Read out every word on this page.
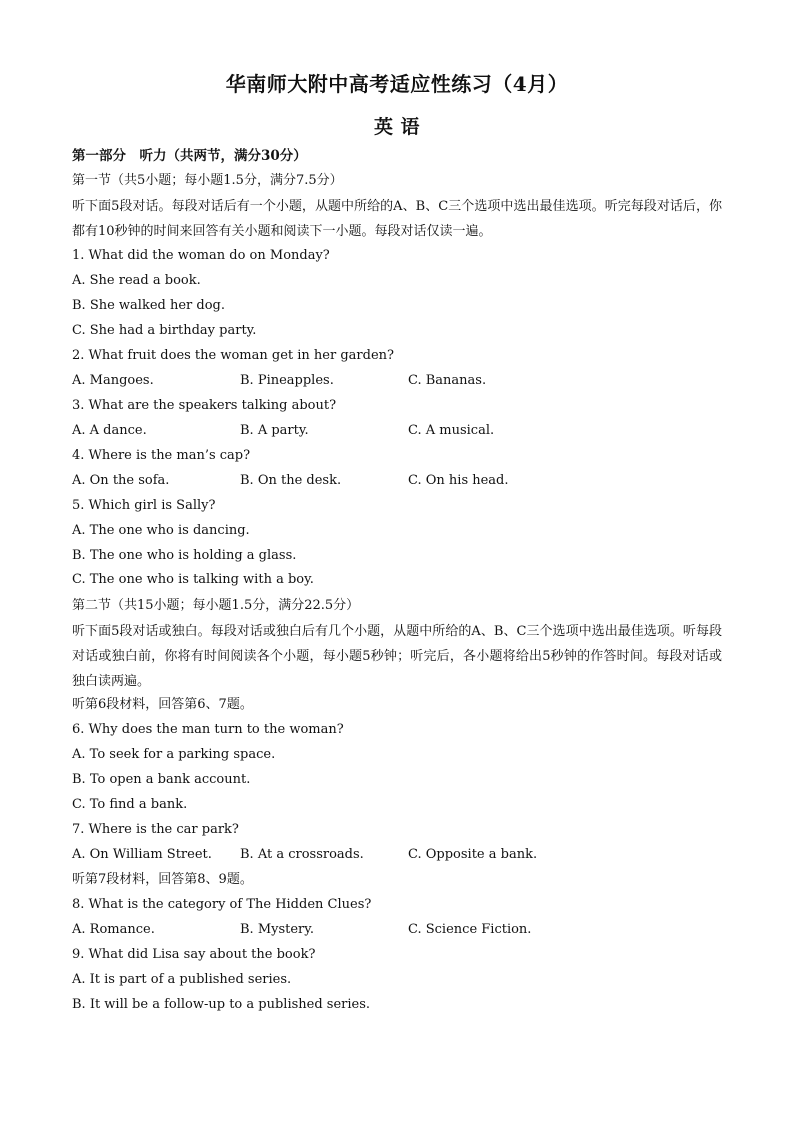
华南师大附中高考适应性练习（4月）
英 语
第一部分　听力（共两节，满分30分）
第一节（共5小题；每小题1.5分，满分7.5分）
听下面5段对话。每段对话后有一个小题，从题中所给的A、B、C三个选项中选出最佳选项。听完每段对话后，你都有10秒钟的时间来回答有关小题和阅读下一小题。每段对话仅读一遍。
1. What did the woman do on Monday?
A. She read a book.
B. She walked her dog.
C. She had a birthday party.
2. What fruit does the woman get in her garden?
A. Mangoes.	B. Pineapples.	C. Bananas.
3. What are the speakers talking about?
A. A dance.	B. A party.	C. A musical.
4. Where is the man’s cap?
A. On the sofa.	B. On the desk.	C. On his head.
5. Which girl is Sally?
A. The one who is dancing.
B. The one who is holding a glass.
C. The one who is talking with a boy.
第二节（共15小题；每小题1.5分，满分22.5分）
听下面5段对话或独白。每段对话或独白后有几个小题，从题中所给的A、B、C三个选项中选出最佳选项。听每段对话或独白前，你将有时间阅读各个小题，每小题5秒钟；听完后，各小题将给出5秒钟的作答时间。每段对话或独白读两遍。
听第6段材料，回答第6、7题。
6. Why does the man turn to the woman?
A. To seek for a parking space.
B. To open a bank account.
C. To find a bank.
7. Where is the car park?
A. On William Street. B. At a crossroads.	C. Opposite a bank.
听第7段材料，回答第8、9题。
8. What is the category of The Hidden Clues?
A. Romance.	B. Mystery.	C. Science Fiction.
9. What did Lisa say about the book?
A. It is part of a published series.
B. It will be a follow-up to a published series.
